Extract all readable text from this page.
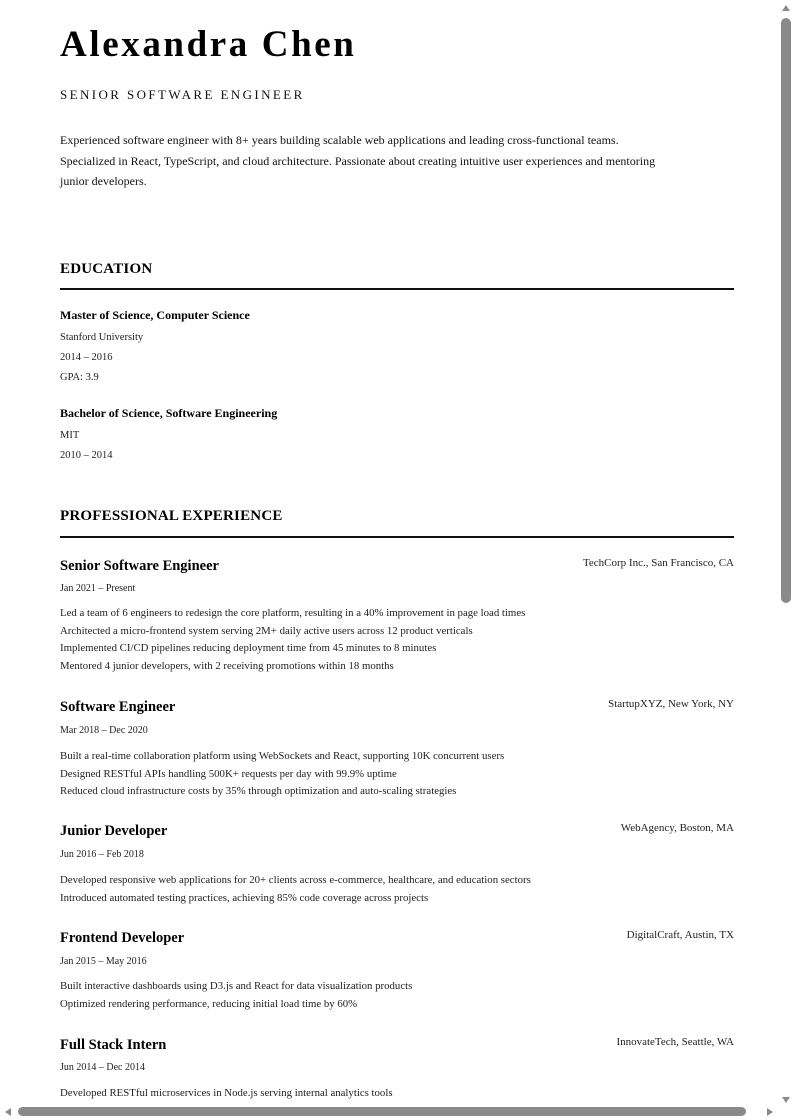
Alexandra Chen
SENIOR SOFTWARE ENGINEER
Experienced software engineer with 8+ years building scalable web applications and leading cross-functional teams. Specialized in React, TypeScript, and cloud architecture. Passionate about creating intuitive user experiences and mentoring junior developers.
EDUCATION
Master of Science, Computer Science
Stanford University
2014 – 2016
GPA: 3.9
Bachelor of Science, Software Engineering
MIT
2010 – 2014
PROFESSIONAL EXPERIENCE
Senior Software Engineer	TechCorp Inc., San Francisco, CA
Jan 2021 – Present
Led a team of 6 engineers to redesign the core platform, resulting in a 40% improvement in page load times
Architected a micro-frontend system serving 2M+ daily active users across 12 product verticals
Implemented CI/CD pipelines reducing deployment time from 45 minutes to 8 minutes
Mentored 4 junior developers, with 2 receiving promotions within 18 months
Software Engineer	StartupXYZ, New York, NY
Mar 2018 – Dec 2020
Built a real-time collaboration platform using WebSockets and React, supporting 10K concurrent users
Designed RESTful APIs handling 500K+ requests per day with 99.9% uptime
Reduced cloud infrastructure costs by 35% through optimization and auto-scaling strategies
Junior Developer	WebAgency, Boston, MA
Jun 2016 – Feb 2018
Developed responsive web applications for 20+ clients across e-commerce, healthcare, and education sectors
Introduced automated testing practices, achieving 85% code coverage across projects
Frontend Developer	DigitalCraft, Austin, TX
Jan 2015 – May 2016
Built interactive dashboards using D3.js and React for data visualization products
Optimized rendering performance, reducing initial load time by 60%
Full Stack Intern	InnovateTech, Seattle, WA
Jun 2014 – Dec 2014
Developed RESTful microservices in Node.js serving internal analytics tools
